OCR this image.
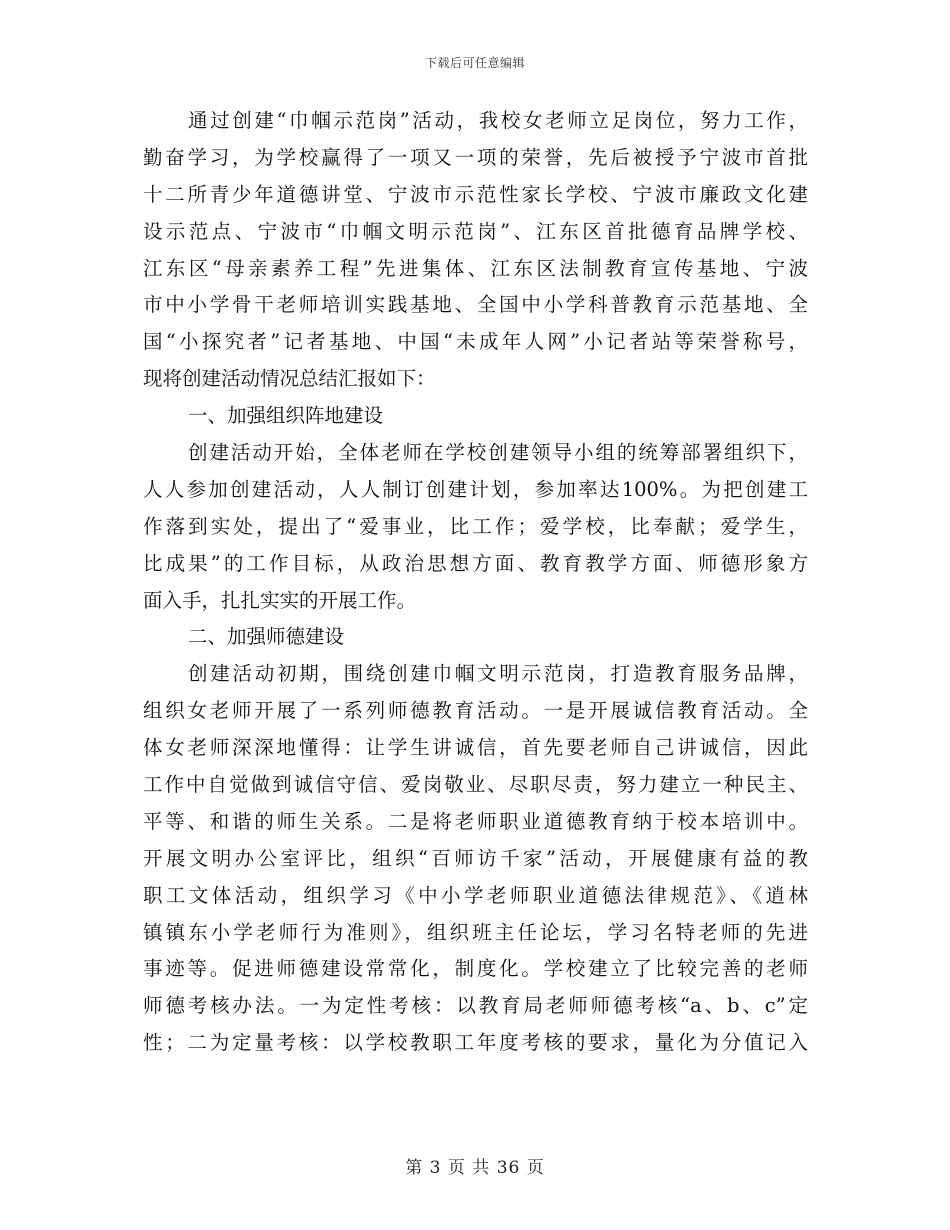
下载后可任意编辑
通过创建“巾帼示范岗”活动，我校女老师立足岗位，努力工作，
勤奋学习，为学校赢得了一项又一项的荣誉，先后被授予宁波市首批
十二所青少年道德讲堂、宁波市示范性家长学校、宁波市廉政文化建
设示范点、宁波市“巾帼文明示范岗”、江东区首批德育品牌学校、
江东区“母亲素养工程”先进集体、江东区法制教育宣传基地、宁波
市中小学骨干老师培训实践基地、全国中小学科普教育示范基地、全
国“小探究者”记者基地、中国“未成年人网”小记者站等荣誉称号，
现将创建活动情况总结汇报如下：
一、加强组织阵地建设
创建活动开始，全体老师在学校创建领导小组的统筹部署组织下，
人人参加创建活动，人人制订创建计划，参加率达100%。为把创建工
作落到实处，提出了“爱事业，比工作；爱学校，比奉献；爱学生，
比成果”的工作目标，从政治思想方面、教育教学方面、师德形象方
面入手，扎扎实实的开展工作。
二、加强师德建设
创建活动初期，围绕创建巾帼文明示范岗，打造教育服务品牌，
组织女老师开展了一系列师德教育活动。一是开展诚信教育活动。全
体女老师深深地懂得：让学生讲诚信，首先要老师自己讲诚信，因此
工作中自觉做到诚信守信、爱岗敬业、尽职尽责，努力建立一种民主、
平等、和谐的师生关系。二是将老师职业道德教育纳于校本培训中。
开展文明办公室评比，组织“百师访千家”活动，开展健康有益的教
职工文体活动，组织学习《中小学老师职业道德法律规范》、《逍林
镇镇东小学老师行为准则》，组织班主任论坛，学习名特老师的先进
事迹等。促进师德建设常常化，制度化。学校建立了比较完善的老师
师德考核办法。一为定性考核：以教育局老师师德考核“a、b、c”定
性；二为定量考核：以学校教职工年度考核的要求，量化为分值记入
第 3 页 共 36 页
